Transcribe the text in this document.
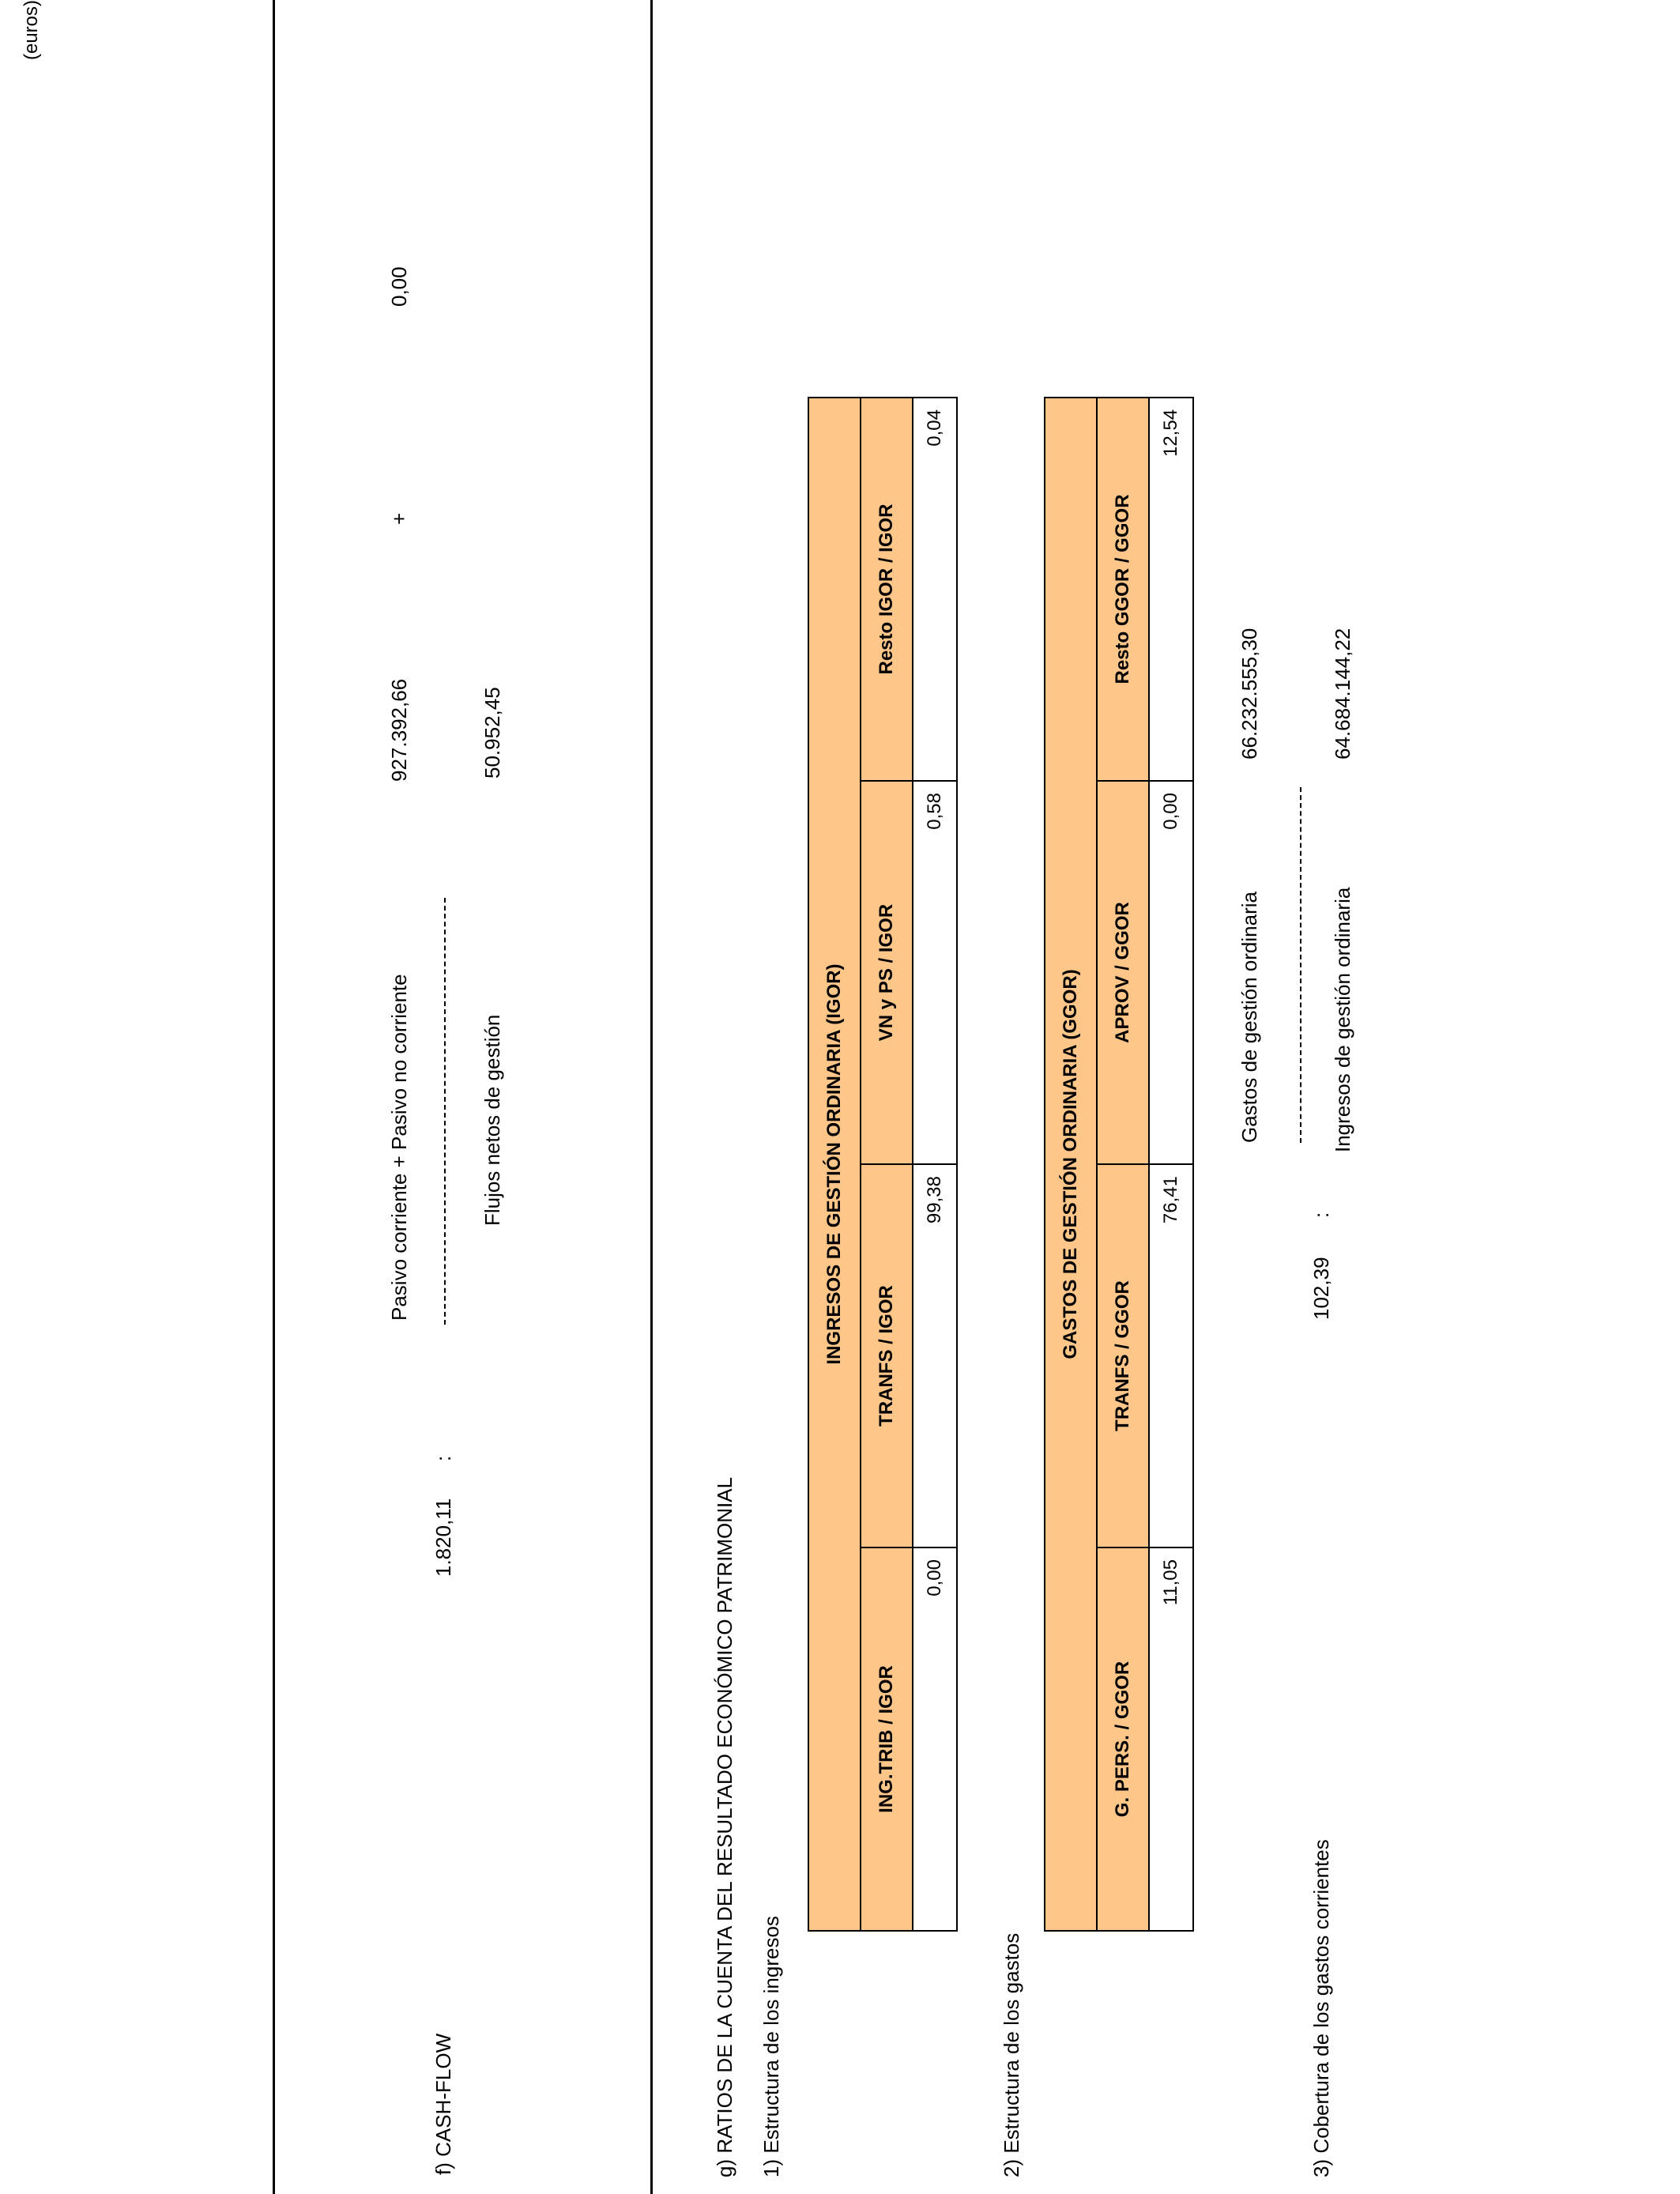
(euros)
f) CASH-FLOW
1.820,11
:
Pasivo corriente + Pasivo no corriente
927.392,66
+
0,00
Flujos netos de gestión
50.952,45
g) RATIOS DE LA CUENTA DEL RESULTADO ECONÓMICO PATRIMONIAL 1) Estructura de los ingresos
INGRESOS DE GESTIÓN ORDINARIA (IGOR)			
ING.TRIB / IGOR	TRANFS / IGOR	VN y PS / IGOR	Resto IGOR / IGOR
0,00	99,38	0,58	0,04
2) Estructura de los gastos
GASTOS DE GESTIÓN ORDINARIA (GGOR)			
G. PERS. / GGOR	TRANFS / GGOR	APROV / GGOR	Resto GGOR / GGOR
11,05	76,41	0,00	12,54
3) Cobertura de los gastos corrientes
102,39
:
Gastos de gestión ordinaria
66.232.555,30
Ingresos de gestión ordinaria
64.684.144,22
